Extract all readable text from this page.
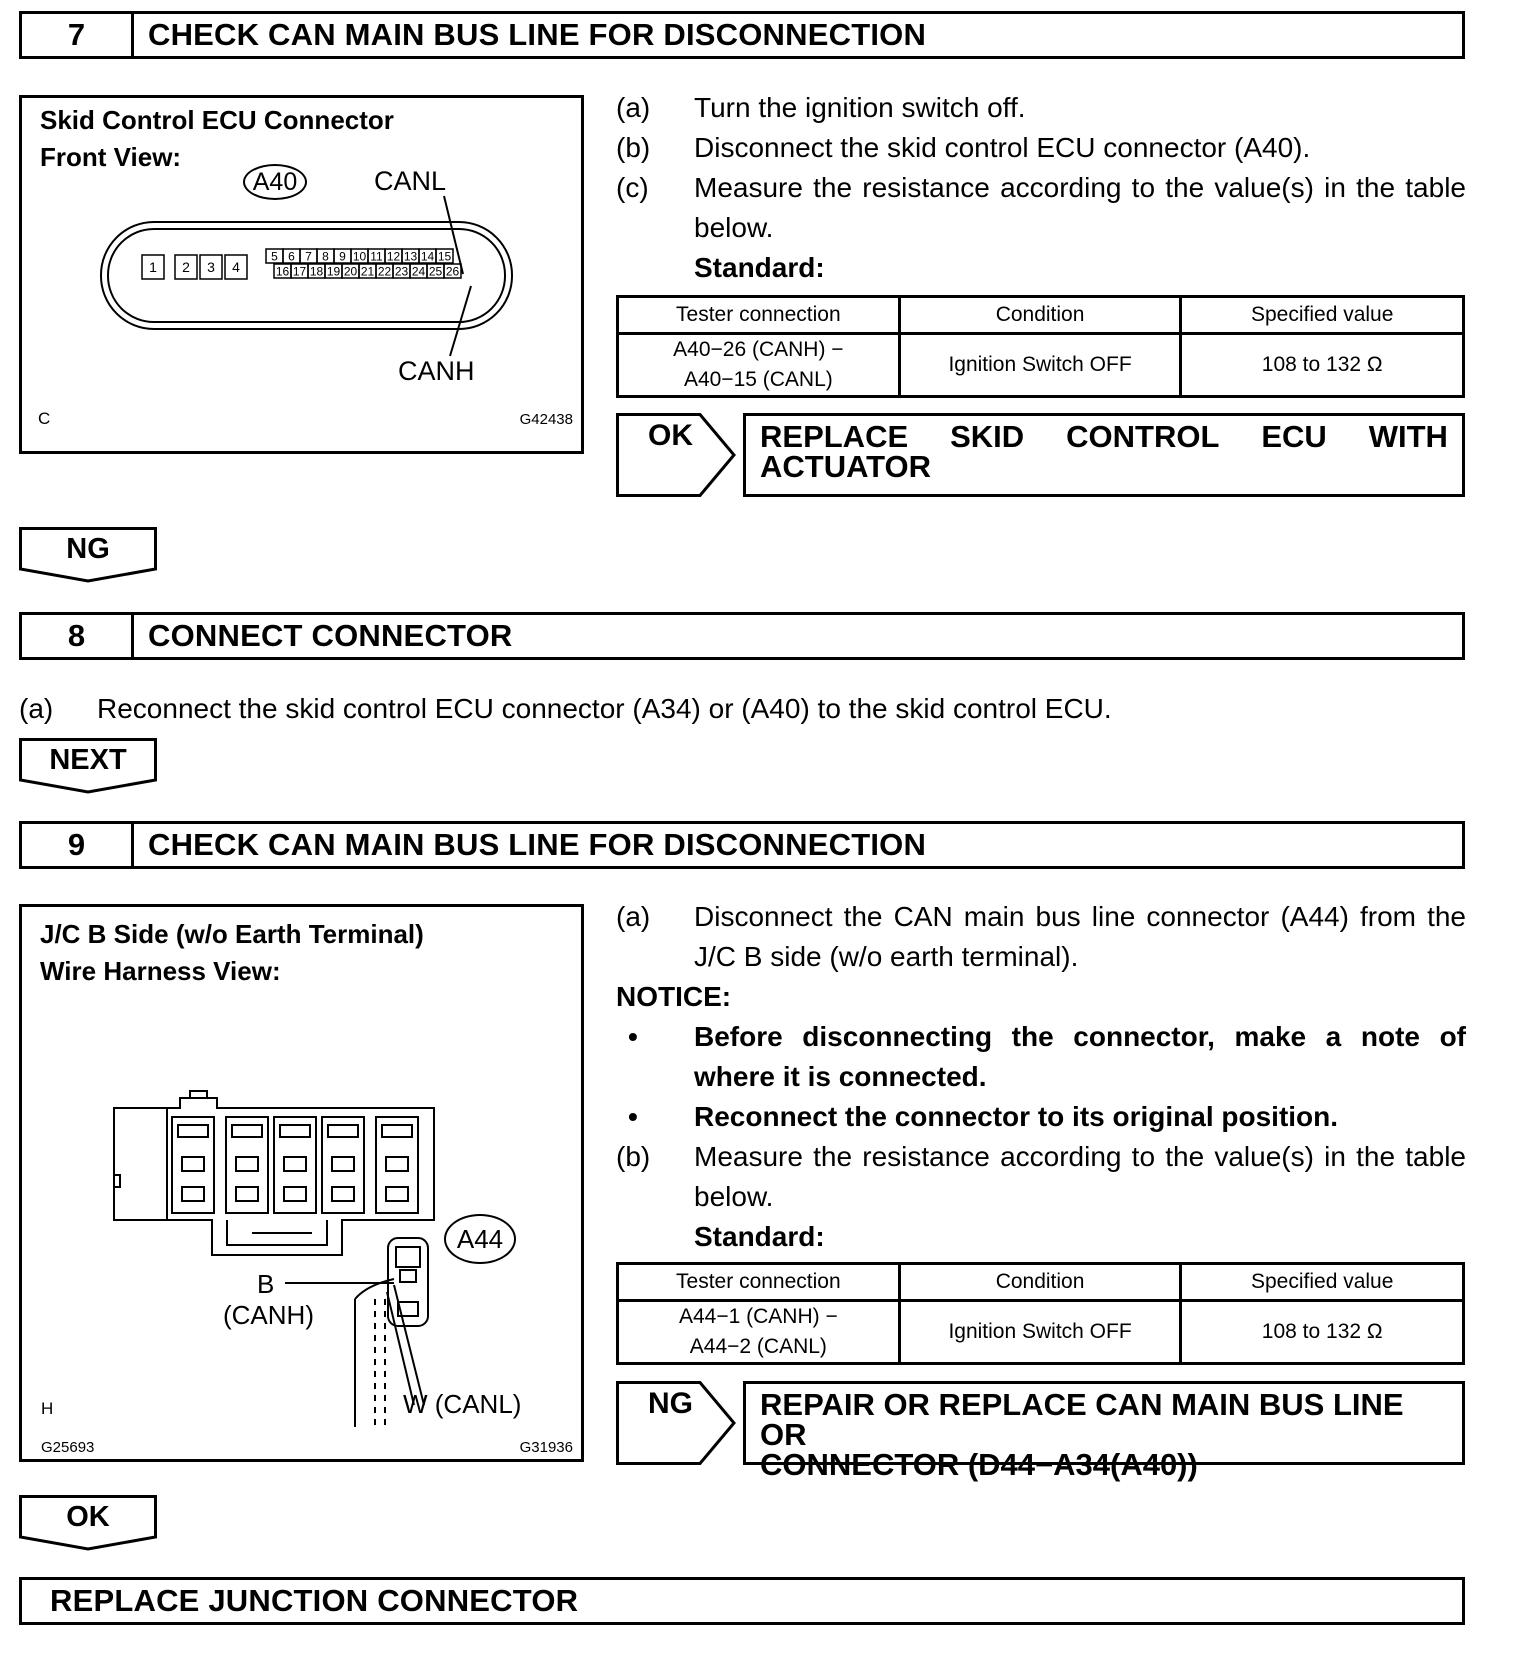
7	CHECK CAN MAIN BUS LINE FOR DISCONNECTION
Skid Control ECU Connector
Front View:
A40	CANL
CANH
1 2 3 4
5 6 7 8 9 10 11 12 13 14 15
16 17 18 19 20 21 22 23 24 25 26
C	G42438
(a)	Turn the ignition switch off.
(b)	Disconnect the skid control ECU connector (A40).
(c)	Measure the resistance according to the value(s) in the table below.
Standard:
Tester connection	Condition	Specified value

A40−26 (CANH) −
A40−15 (CANL)	Ignition Switch OFF	108 to 132 Ω
OK REPLACE SKID CONTROL ECU WITH
ACTUATOR
NG
8	CONNECT CONNECTOR
(a)	Reconnect the skid control ECU connector (A34) or (A40) to the skid control ECU.
NEXT
9	CHECK CAN MAIN BUS LINE FOR DISCONNECTION
J/C B Side (w/o Earth Terminal)
Wire Harness View:
A44
B
(CANH)
W (CANL)
H
G25693	G31936
(a)	Disconnect the CAN main bus line connector (A44) from the J/C B side (w/o earth terminal).
NOTICE:
•	Before disconnecting the connector, make a note of where it is connected.
•	Reconnect the connector to its original position.
(b)	Measure the resistance according to the value(s) in the table below.
Standard:
Tester connection	Condition	Specified value

A44−1 (CANH) −
A44−2 (CANL)	Ignition Switch OFF	108 to 132 Ω
NG REPAIR OR REPLACE CAN MAIN BUS LINE OR
CONNECTOR (D44−A34(A40))
OK
REPLACE JUNCTION CONNECTOR
